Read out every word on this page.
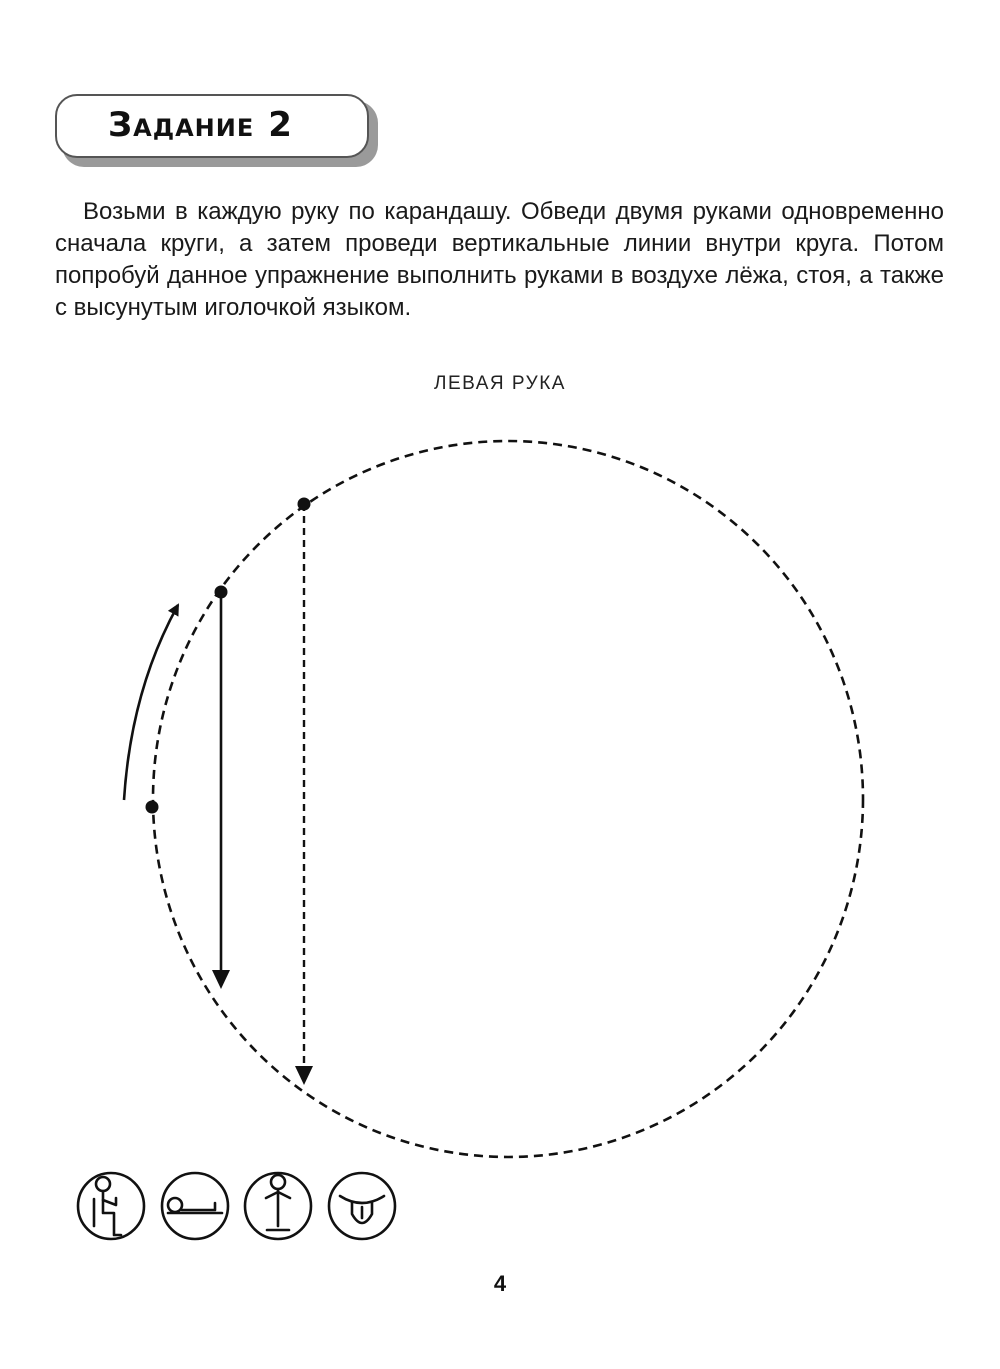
Задание 2

Возьми в каждую руку по карандашу. Обведи двумя руками одновременно сначала круги, а затем проведи вертикальные линии внутри круга. Потом попробуй данное упражнение выполнить руками в воздухе лёжа, стоя, а также с высунутым иголочкой языком.

ЛЕВАЯ РУКА
4
